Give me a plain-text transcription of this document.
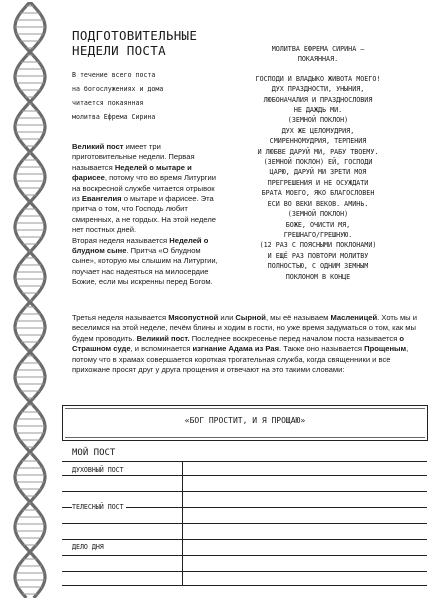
ПОДГОТОВИТЕЛЬНЫЕ
НЕДЕЛИ ПОСТА
В течение всего поста
на богослужениях и дома
читается покаянная
молитва Ефрема Сирина

Великий пост имеет три приготовительные недели. Первая называется Неделей о мытаре и фарисее, потому что во время Литургии на воскресной службе читается отрывок из Евангелия о мытаре и фарисее. Эта притча о том, что Господь любит смиренных, а не гордых. На этой неделе нет постных дней.
Вторая неделя называется Неделей о блудном сыне. Притча «О блудном сыне», которую мы слышим на Литургии, поучает нас надеяться на милосердие Божие, если мы искренны перед Богом.

МОЛИТВА ЕФРЕМА СИРИНА –
ПОКАЯННАЯ.

ГОСПОДИ И ВЛАДЫКО ЖИВОТА МОЕГО!

ДУХ ПРАЗДНОСТИ, УНЫНИЯ,

ЛЮБОНАЧАЛИЯ И ПРАЗДНОСЛОВИЯ

НЕ ДАЖДЬ МИ.

(ЗЕМНОЙ ПОКЛОН)

ДУХ ЖЕ ЦЕЛОМУДРИЯ,

СМИРЕННОМУДРИЯ, ТЕРПЕНИЯ

И ЛЮБВЕ ДАРУЙ МИ, РАБУ ТВОЕМУ.

(ЗЕМНОЙ ПОКЛОН) ЕЙ, ГОСПОДИ

ЦАРЮ, ДАРУЙ МИ ЗРЕТИ МОЯ

ПРЕГРЕШЕНИЯ И НЕ ОСУЖДАТИ

БРАТА МОЕГО, ЯКО БЛАГОСЛОВЕН

ЕСИ ВО ВЕКИ ВЕКОВ. АМИНЬ.

(ЗЕМНОЙ ПОКЛОН)

БОЖЕ, ОЧИСТИ МЯ,

ГРЕШНАГО/ГРЕШНУЮ.

(12 РАЗ С ПОЯСНЫМИ ПОКЛОНАМИ)

И ЕЩЁ РАЗ ПОВТОРИ МОЛИТВУ

ПОЛНОСТЬЮ, С ОДНИМ ЗЕМНЫМ

ПОКЛОНОМ В КОНЦЕ

Третья неделя называется Мясопустной или Сырной, мы её называем Масленицей. Хоть мы и веселимся на этой неделе, печём блины и ходим в гости, но уже время задуматься о том, как мы будем проводить. Великий пост. Последнее воскресенье перед началом поста называется о Страшном суде, и вспоминается изгнание Адама из Рая. Также оно называется Прощеным, потому что в храмах совершается короткая трогательная служба, когда священники и все прихожане просят друг у друга прощения и отвечают на это такими словами:

«БОГ ПРОСТИТ, И Я ПРОЩАЮ»
МОЙ ПОСТ
ДУХОВНЫЙ ПОСТ
ТЕЛЕСНЫЙ ПОСТ
ДЕЛО ДНЯ
